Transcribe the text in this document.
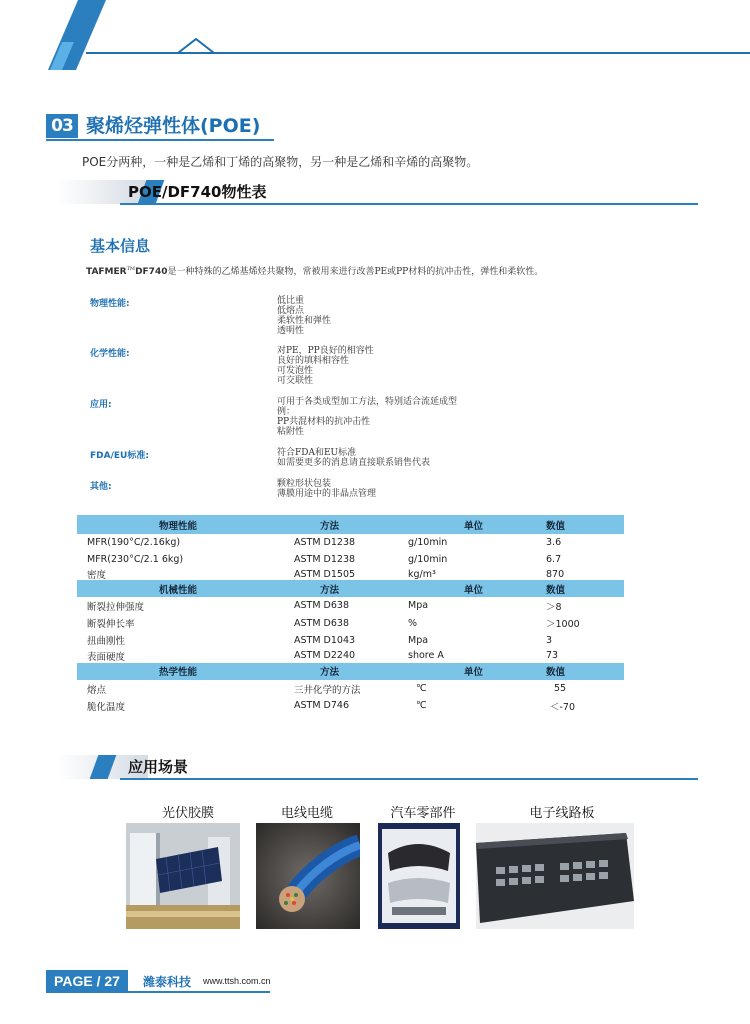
03 聚烯烃弹性体(POE)
POE分两种，一种是乙烯和丁烯的高聚物，另一种是乙烯和辛烯的高聚物。
POE/DF740物性表
基本信息
TAFMER™DF740是一种特殊的乙烯基烯烃共聚物，常被用来进行改善PE或PP材料的抗冲击性，弹性和柔软性。
物理性能:	低比重
低熔点
柔软性和弹性
透明性
化学性能:	对PE，PP良好的相容性
良好的填料相容性
可发泡性
可交联性
应用:	可用于各类成型加工方法，特别适合流延成型
例：
PP共混材料的抗冲击性
粘附性
FDA/EU标准:	符合FDA和EU标准
如需要更多的消息请直接联系销售代表
其他:	颗粒形状包装
薄膜用途中的非晶点管理
物理性能	方法	单位	数值
MFR(190°C/2.16kg)	ASTM D1238	g/10min	3.6
MFR(230°C/2.1 6kg)	ASTM D1238	g/10min	6.7
密度	ASTM D1505	kg/m³	870
机械性能	方法	单位	数值
断裂拉伸强度	ASTM D638	Mpa	＞8
断裂伸长率	ASTM D638	%	＞1000
扭曲刚性	ASTM D1043	Mpa	3
表面硬度	ASTM D2240	shore A	73
热学性能	方法	单位	数值
熔点	三井化学的方法	℃	55
脆化温度	ASTM D746	℃	＜-70
应用场景
光伏胶膜	电线电缆	汽车零部件	电子线路板
PAGE / 27	潍泰科技 www.ttsh.com.cn
